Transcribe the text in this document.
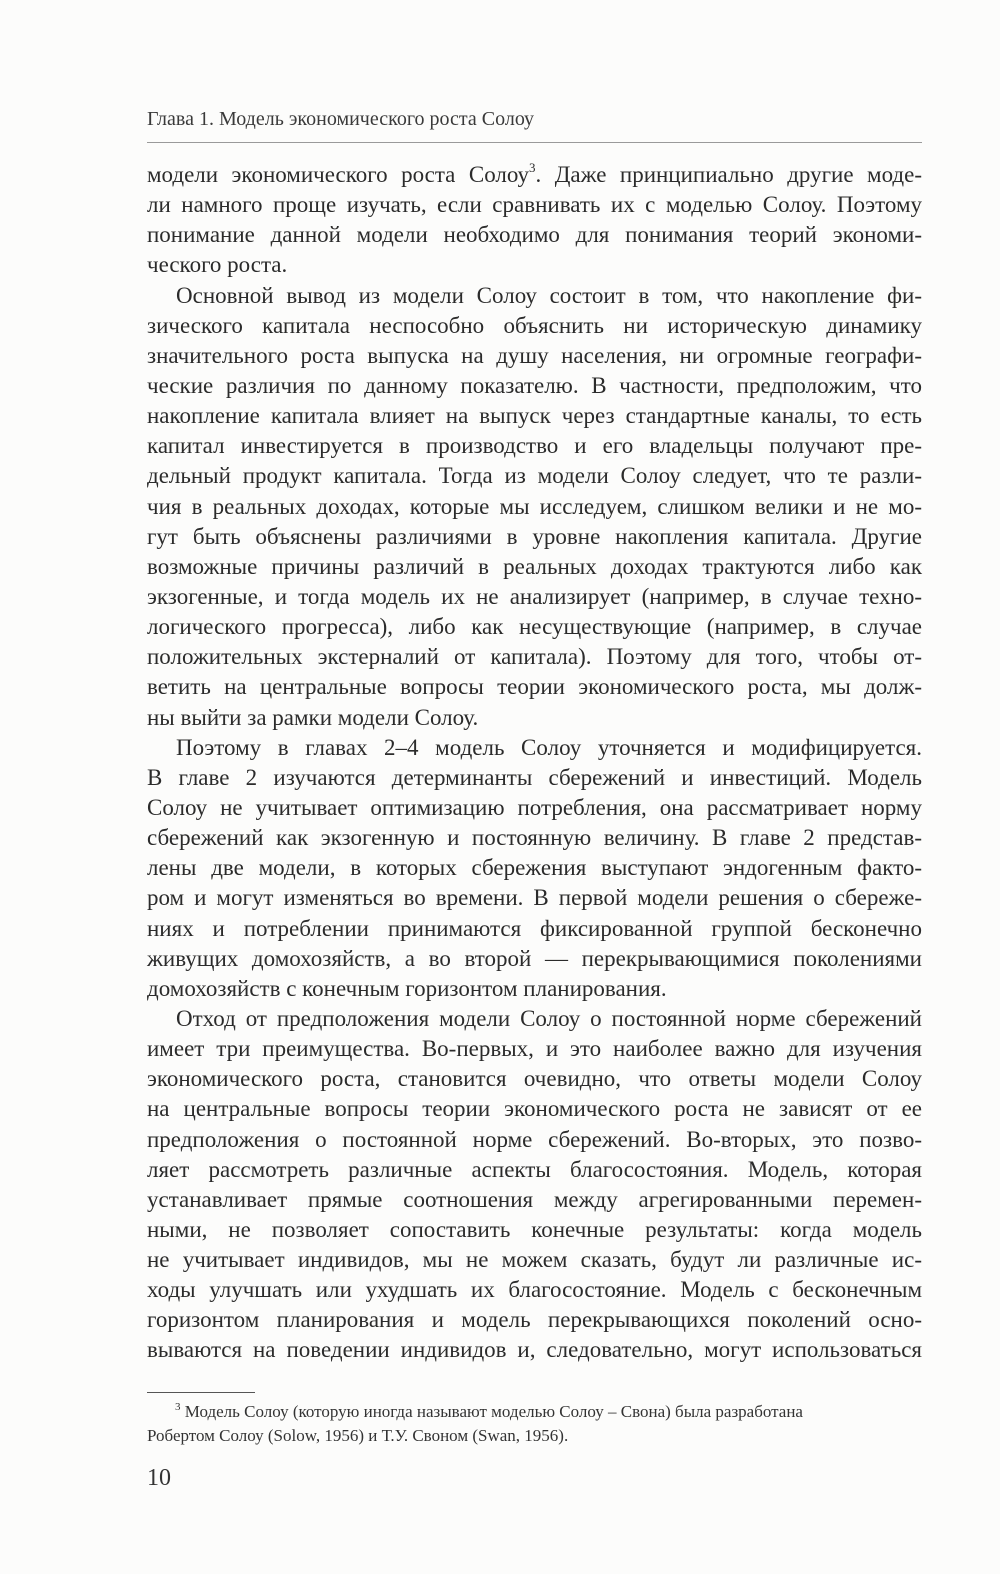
Глава 1. Модель экономического роста Солоу
модели экономического роста Солоу$^3$. Даже принципиально другие моде-
ли намного проще изучать, если сравнивать их с моделью Солоу. Поэтому
понимание данной модели необходимо для понимания теорий экономи-
ческого роста.
Основной вывод из модели Солоу состоит в том, что накопление фи-
зического капитала неспособно объяснить ни историческую динамику
значительного роста выпуска на душу населения, ни огромные географи-
ческие различия по данному показателю. В частности, предположим, что
накопление капитала влияет на выпуск через стандартные каналы, то есть
капитал инвестируется в производство и его владельцы получают пре-
дельный продукт капитала. Тогда из модели Солоу следует, что те разли-
чия в реальных доходах, которые мы исследуем, слишком велики и не мо-
гут быть объяснены различиями в уровне накопления капитала. Другие
возможные причины различий в реальных доходах трактуются либо как
экзогенные, и тогда модель их не анализирует (например, в случае техно-
логического прогресса), либо как несуществующие (например, в случае
положительных экстерналий от капитала). Поэтому для того, чтобы от-
ветить на центральные вопросы теории экономического роста, мы долж-
ны выйти за рамки модели Солоу.
Поэтому в главах 2–4 модель Солоу уточняется и модифицируется.
В главе 2 изучаются детерминанты сбережений и инвестиций. Модель
Солоу не учитывает оптимизацию потребления, она рассматривает норму
сбережений как экзогенную и постоянную величину. В главе 2 представ-
лены две модели, в которых сбережения выступают эндогенным факто-
ром и могут изменяться во времени. В первой модели решения о сбереже-
ниях и потреблении принимаются фиксированной группой бесконечно
живущих домохозяйств, а во второй — перекрывающимися поколениями
домохозяйств с конечным горизонтом планирования.
Отход от предположения модели Солоу о постоянной норме сбережений
имеет три преимущества. Во-первых, и это наиболее важно для изучения
экономического роста, становится очевидно, что ответы модели Солоу
на центральные вопросы теории экономического роста не зависят от ее
предположения о постоянной норме сбережений. Во-вторых, это позво-
ляет рассмотреть различные аспекты благосостояния. Модель, которая
устанавливает прямые соотношения между агрегированными перемен-
ными, не позволяет сопоставить конечные результаты: когда модель
не учитывает индивидов, мы не можем сказать, будут ли различные ис-
ходы улучшать или ухудшать их благосостояние. Модель с бесконечным
горизонтом планирования и модель перекрывающихся поколений осно-
вываются на поведении индивидов и, следовательно, могут использоваться
$^3$ Модель Солоу (которую иногда называют моделью Солоу – Свона) была разработана
Робертом Солоу (Solow, 1956) и Т.У. Своном (Swan, 1956).
10
